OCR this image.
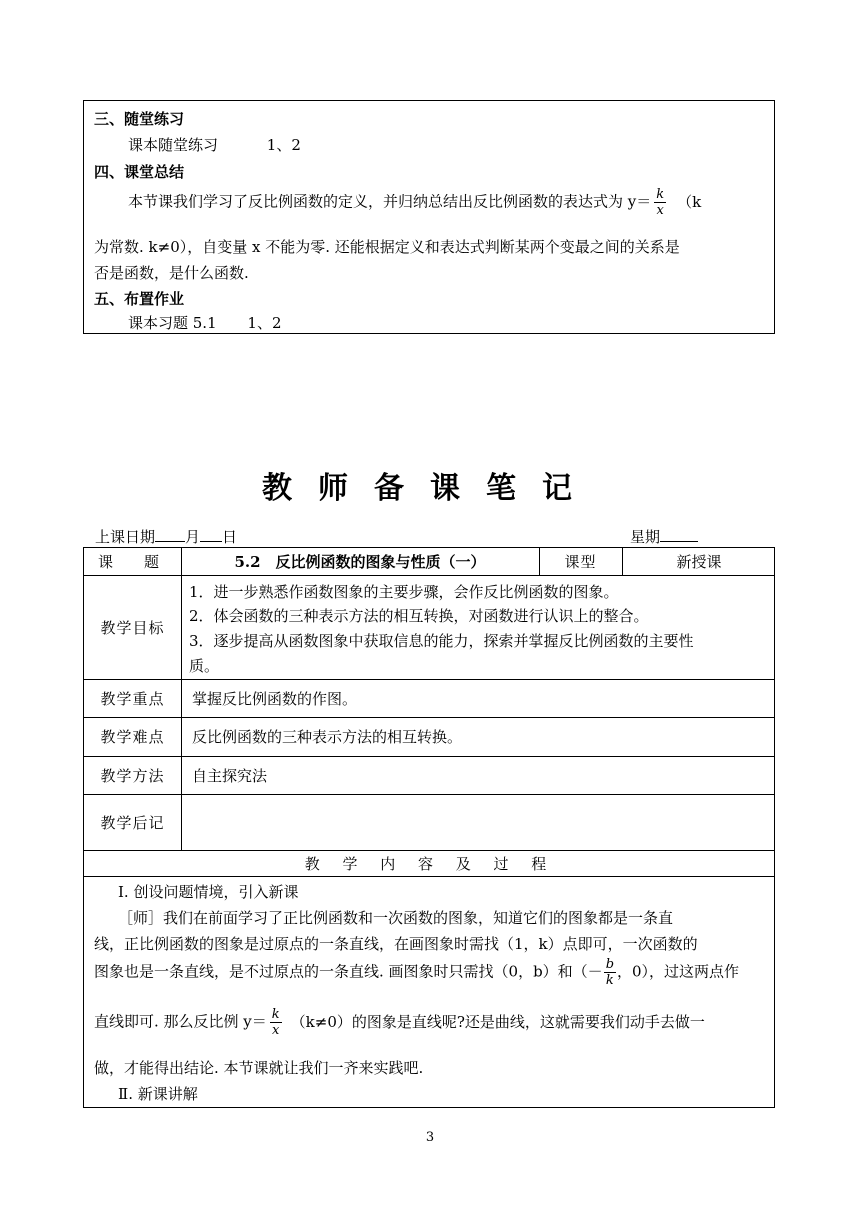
三、随堂练习
课本随堂练习	1、2
四、课堂总结
本节课我们学习了反比例函数的定义，并归纳总结出反比例函数的表达式为 $y= \frac{k}{x} (k$
为常数. k≠0），自变量 x 不能为零. 还能根据定义和表达式判断某两个变最之间的关系是
否是函数，是什么函数.
五、布置作业
课本习题 5.1 1、2
教师备课笔记
上课日期 月 日	星期
课　题	5.2　反比例函数的图象与性质（一）	课型	新授课
教学目标
1．进一步熟悉作函数图象的主要步骤，会作反比例函数的图象。
2．体会函数的三种表示方法的相互转换，对函数进行认识上的整合。
3．逐步提高从函数图象中获取信息的能力，探索并掌握反比例函数的主要性
质。
教学重点	掌握反比例函数的作图。
教学难点	反比例函数的三种表示方法的相互转换。
教学方法	自主探究法
教学后记
教 学 内 容 及 过 程
Ⅰ. 创设问题情境，引入新课
［师］我们在前面学习了正比例函数和一次函数的图象，知道它们的图象都是一条直
线，正比例函数的图象是过原点的一条直线，在画图象时需找（1，k）点即可，一次函数的
图象也是一条直线，是不过原点的一条直线. 画图象时只需找（0，b）和（－ $\frac{b}{k}$ ，0），过这两点作
直线即可. 那么反比例 $y= \frac{k}{x} (k\ne 0)$的图象是直线呢?还是曲线，这就需要我们动手去做一
做，才能得出结论. 本节课就让我们一齐来实践吧.
Ⅱ. 新课讲解
3
